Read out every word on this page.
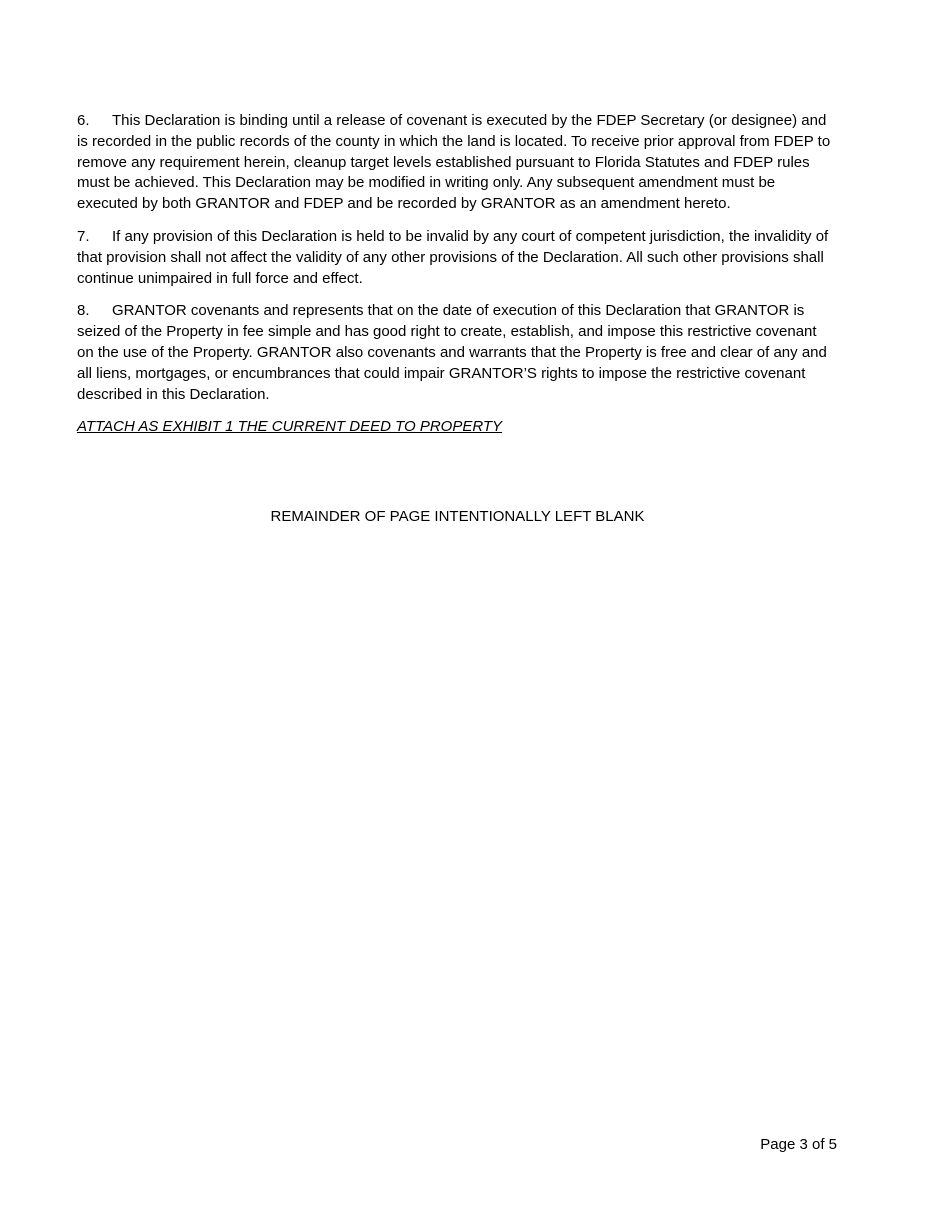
6. This Declaration is binding until a release of covenant is executed by the FDEP Secretary (or designee) and is recorded in the public records of the county in which the land is located. To receive prior approval from FDEP to remove any requirement herein, cleanup target levels established pursuant to Florida Statutes and FDEP rules must be achieved. This Declaration may be modified in writing only. Any subsequent amendment must be executed by both GRANTOR and FDEP and be recorded by GRANTOR as an amendment hereto.

7. If any provision of this Declaration is held to be invalid by any court of competent jurisdiction, the invalidity of that provision shall not affect the validity of any other provisions of the Declaration. All such other provisions shall continue unimpaired in full force and effect.

8. GRANTOR covenants and represents that on the date of execution of this Declaration that GRANTOR is seized of the Property in fee simple and has good right to create, establish, and impose this restrictive covenant on the use of the Property. GRANTOR also covenants and warrants that the Property is free and clear of any and all liens, mortgages, or encumbrances that could impair GRANTOR’S rights to impose the restrictive covenant described in this Declaration.

ATTACH AS EXHIBIT 1 THE CURRENT DEED TO PROPERTY

REMAINDER OF PAGE INTENTIONALLY LEFT BLANK
Page 3 of 5
